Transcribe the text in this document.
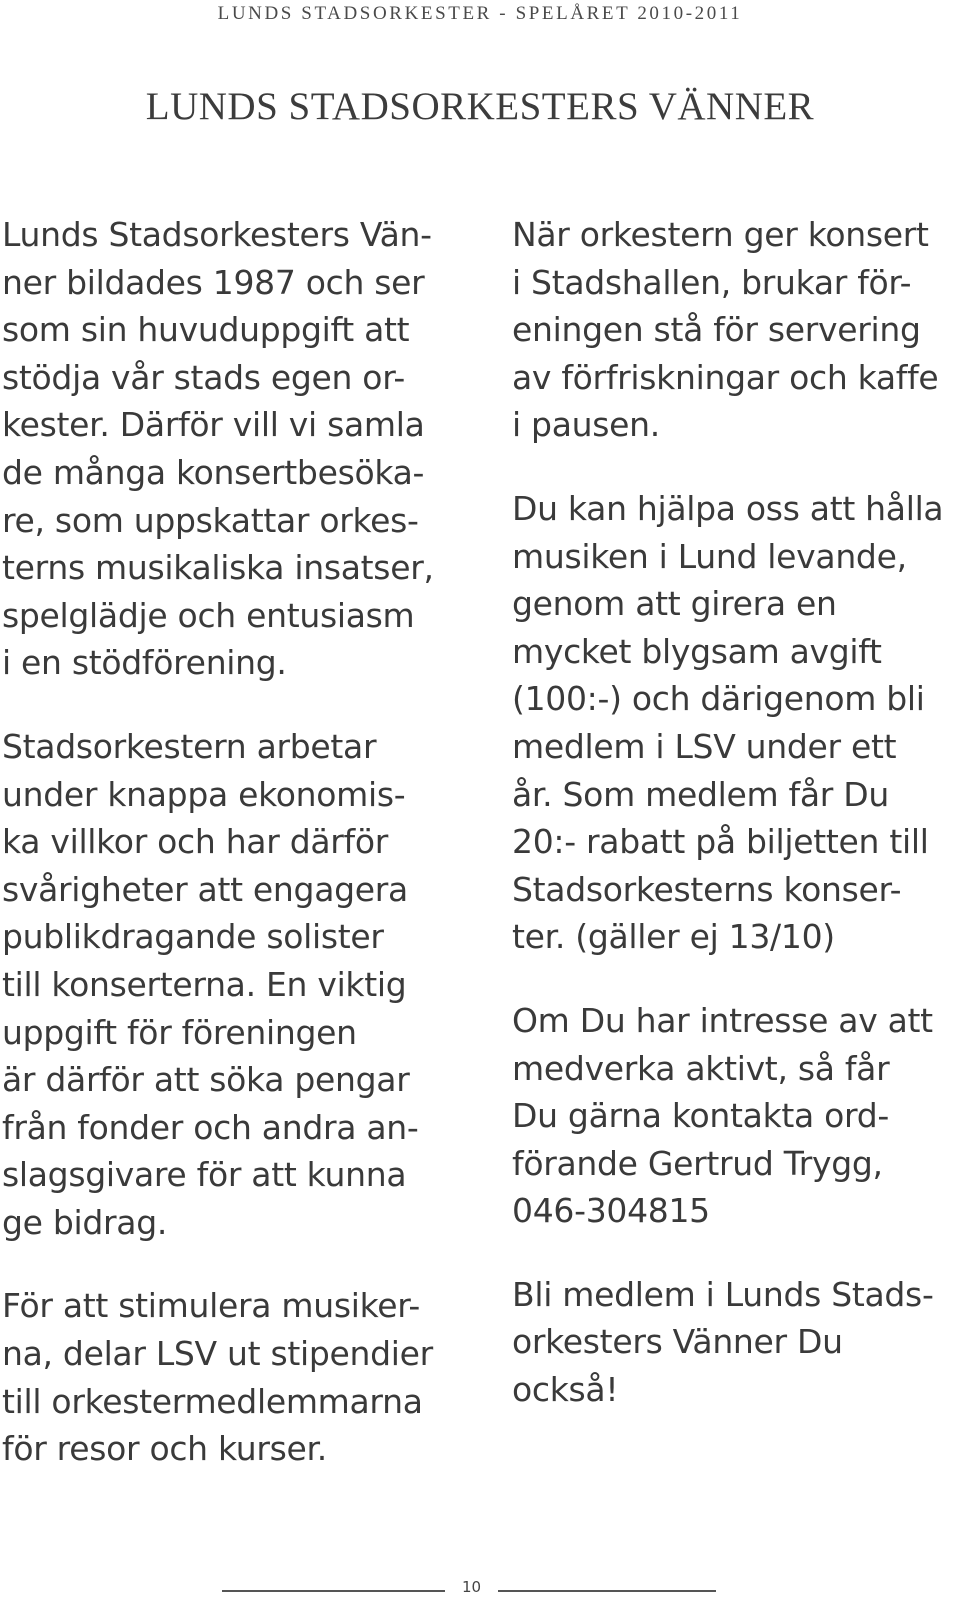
LUNDS STADSORKESTER - SPELÅRET 2010-2011
LUNDS STADSORKESTERS VÄNNER

Lunds Stadsorkesters Vän-
ner bildades 1987 och ser
som sin huvuduppgift att
stödja vår stads egen or-
kester. Därför vill vi samla
de många konsertbesöka-
re, som uppskattar orkes-
terns musikaliska insatser,
spelglädje och entusiasm
i en stödförening.

Stadsorkestern arbetar
under knappa ekonomis-
ka villkor och har därför
svårigheter att engagera
publikdragande solister
till konserterna. En viktig
uppgift för föreningen
är därför att söka pengar
från fonder och andra an-
slagsgivare för att kunna
ge bidrag.

För att stimulera musiker-
na, delar LSV ut stipendier
till orkestermedlemmarna
för resor och kurser.

När orkestern ger konsert
i Stadshallen, brukar för-
eningen stå för servering
av förfriskningar och kaffe
i pausen.

Du kan hjälpa oss att hålla
musiken i Lund levande,
genom att girera en
mycket blygsam avgift
(100:-) och därigenom bli
medlem i LSV under ett
år. Som medlem får Du
20:- rabatt på biljetten till
Stadsorkesterns konser-
ter. (gäller ej 13/10)

Om Du har intresse av att
medverka aktivt, så får
Du gärna kontakta ord-
förande Gertrud Trygg,
046-304815

Bli medlem i Lunds Stads-
orkesters Vänner Du
också!

10
